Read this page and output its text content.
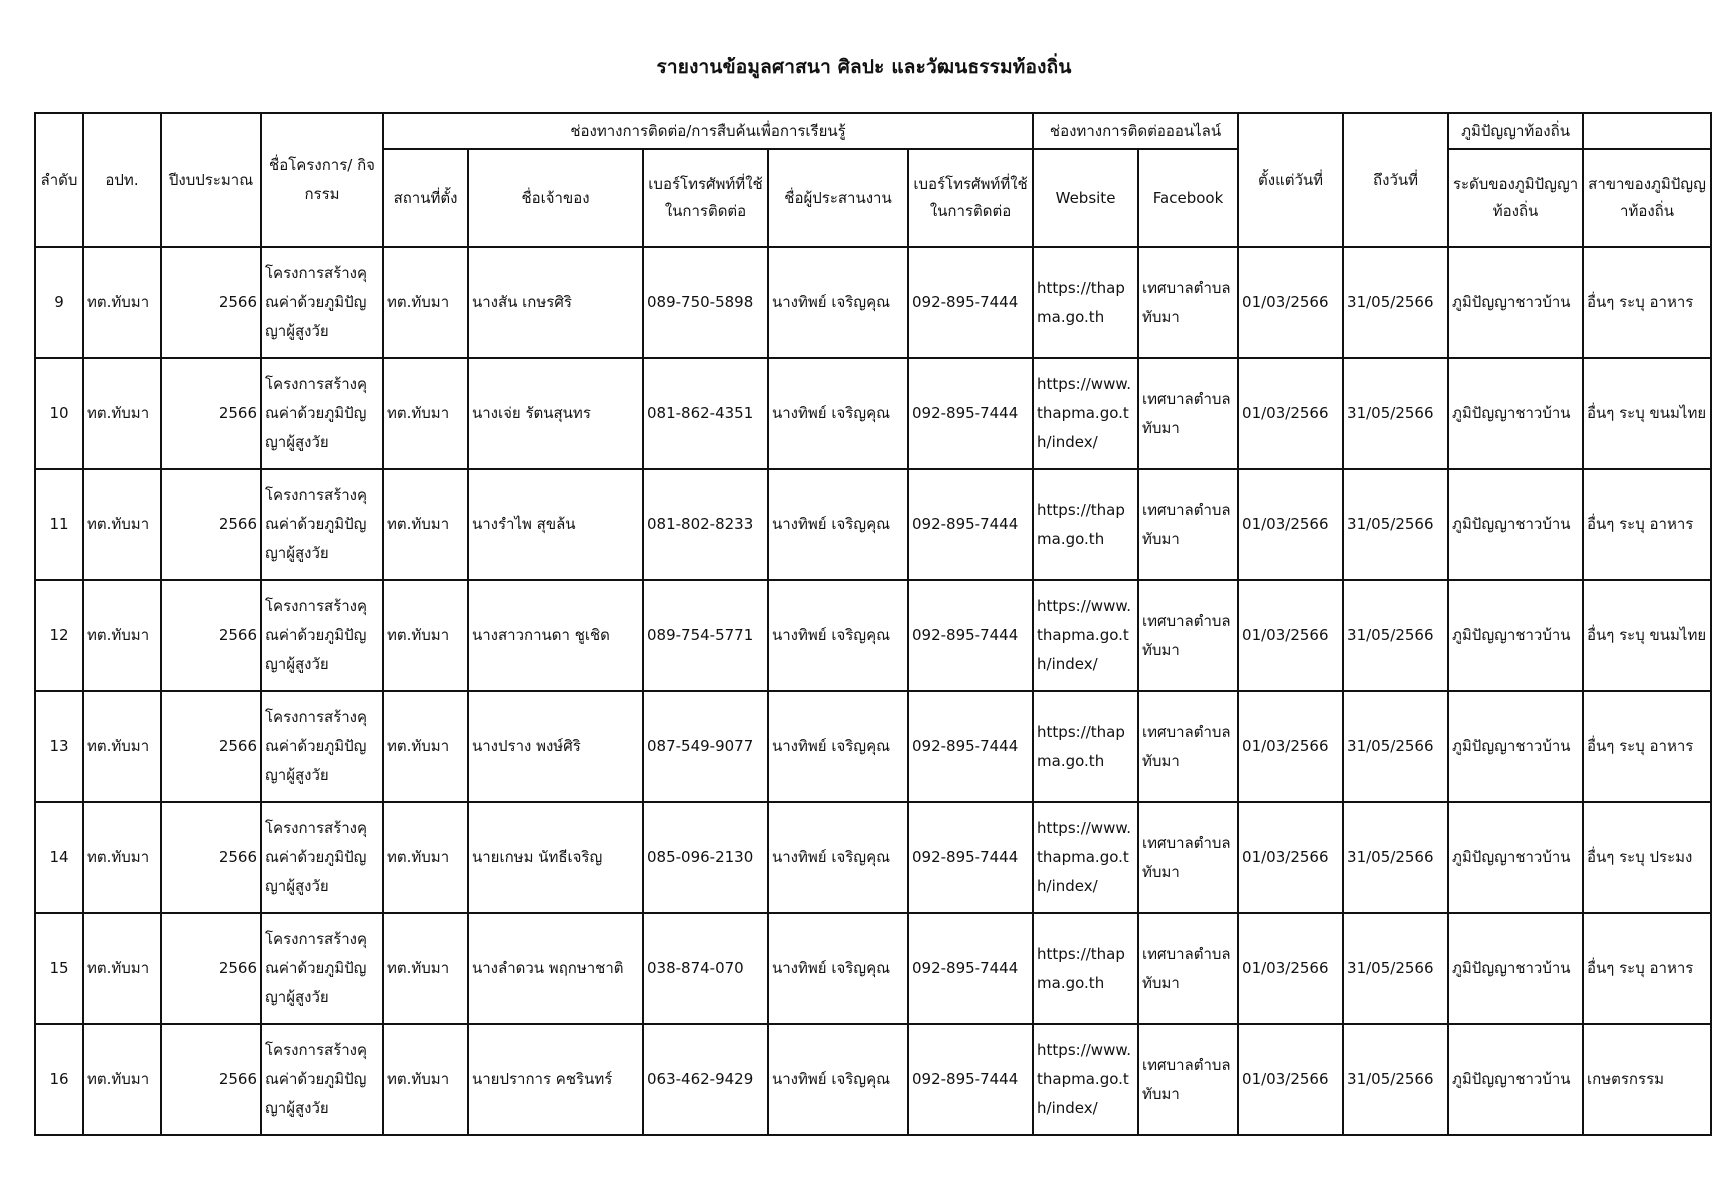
รายงานข้อมูลศาสนา ศิลปะ และวัฒนธรรมท้องถิ่น
ลำดับ	อปท.	ปีงบประมาณ	ชื่อโครงการ/ กิจกรรม	ช่องทางการติดต่อ/การสืบค้นเพื่อการเรียนรู้					ช่องทางการติดต่อออนไลน์		ตั้งแต่วันที่	ถึงวันที่	ภูมิปัญญาท้องถิ่น	
				สถานที่ตั้ง	ชื่อเจ้าของ	เบอร์โทรศัพท์ที่ใช้ในการติดต่อ	ชื่อผู้ประสานงาน	เบอร์โทรศัพท์ที่ใช้ในการติดต่อ	Website	Facebook			ระดับของภูมิปัญญาท้องถิ่น	สาขาของภูมิปัญญาท้องถิ่น
9	ทต.ทับมา	2566	โครงการสร้างคุณค่าด้วยภูมิปัญญาผู้สูงวัย	ทต.ทับมา	นางสัน เกษรศิริ	089-750-5898	นางทิพย์ เจริญคุณ	092-895-7444	https://thapma.go.th	เทศบาลตำบลทับมา	01/03/2566	31/05/2566	ภูมิปัญญาชาวบ้าน	อื่นๆ ระบุ อาหาร
10	ทต.ทับมา	2566	โครงการสร้างคุณค่าด้วยภูมิปัญญาผู้สูงวัย	ทต.ทับมา	นางเจ่ย รัตนสุนทร	081-862-4351	นางทิพย์ เจริญคุณ	092-895-7444	https://www.thapma.go.th/index/	เทศบาลตำบลทับมา	01/03/2566	31/05/2566	ภูมิปัญญาชาวบ้าน	อื่นๆ ระบุ ขนมไทย
11	ทต.ทับมา	2566	โครงการสร้างคุณค่าด้วยภูมิปัญญาผู้สูงวัย	ทต.ทับมา	นางรำไพ สุขล้น	081-802-8233	นางทิพย์ เจริญคุณ	092-895-7444	https://thapma.go.th	เทศบาลตำบลทับมา	01/03/2566	31/05/2566	ภูมิปัญญาชาวบ้าน	อื่นๆ ระบุ อาหาร
12	ทต.ทับมา	2566	โครงการสร้างคุณค่าด้วยภูมิปัญญาผู้สูงวัย	ทต.ทับมา	นางสาวกานดา ชูเชิด	089-754-5771	นางทิพย์ เจริญคุณ	092-895-7444	https://www.thapma.go.th/index/	เทศบาลตำบลทับมา	01/03/2566	31/05/2566	ภูมิปัญญาชาวบ้าน	อื่นๆ ระบุ ขนมไทย
13	ทต.ทับมา	2566	โครงการสร้างคุณค่าด้วยภูมิปัญญาผู้สูงวัย	ทต.ทับมา	นางปราง พงษ์ศิริ	087-549-9077	นางทิพย์ เจริญคุณ	092-895-7444	https://thapma.go.th	เทศบาลตำบลทับมา	01/03/2566	31/05/2566	ภูมิปัญญาชาวบ้าน	อื่นๆ ระบุ อาหาร
14	ทต.ทับมา	2566	โครงการสร้างคุณค่าด้วยภูมิปัญญาผู้สูงวัย	ทต.ทับมา	นายเกษม นัทธีเจริญ	085-096-2130	นางทิพย์ เจริญคุณ	092-895-7444	https://www.thapma.go.th/index/	เทศบาลตำบลทับมา	01/03/2566	31/05/2566	ภูมิปัญญาชาวบ้าน	อื่นๆ ระบุ ประมง
15	ทต.ทับมา	2566	โครงการสร้างคุณค่าด้วยภูมิปัญญาผู้สูงวัย	ทต.ทับมา	นางลำดวน พฤกษาชาติ	038-874-070	นางทิพย์ เจริญคุณ	092-895-7444	https://thapma.go.th	เทศบาลตำบลทับมา	01/03/2566	31/05/2566	ภูมิปัญญาชาวบ้าน	อื่นๆ ระบุ อาหาร
16	ทต.ทับมา	2566	โครงการสร้างคุณค่าด้วยภูมิปัญญาผู้สูงวัย	ทต.ทับมา	นายปราการ คชรินทร์	063-462-9429	นางทิพย์ เจริญคุณ	092-895-7444	https://www.thapma.go.th/index/	เทศบาลตำบลทับมา	01/03/2566	31/05/2566	ภูมิปัญญาชาวบ้าน	เกษตรกรรม
